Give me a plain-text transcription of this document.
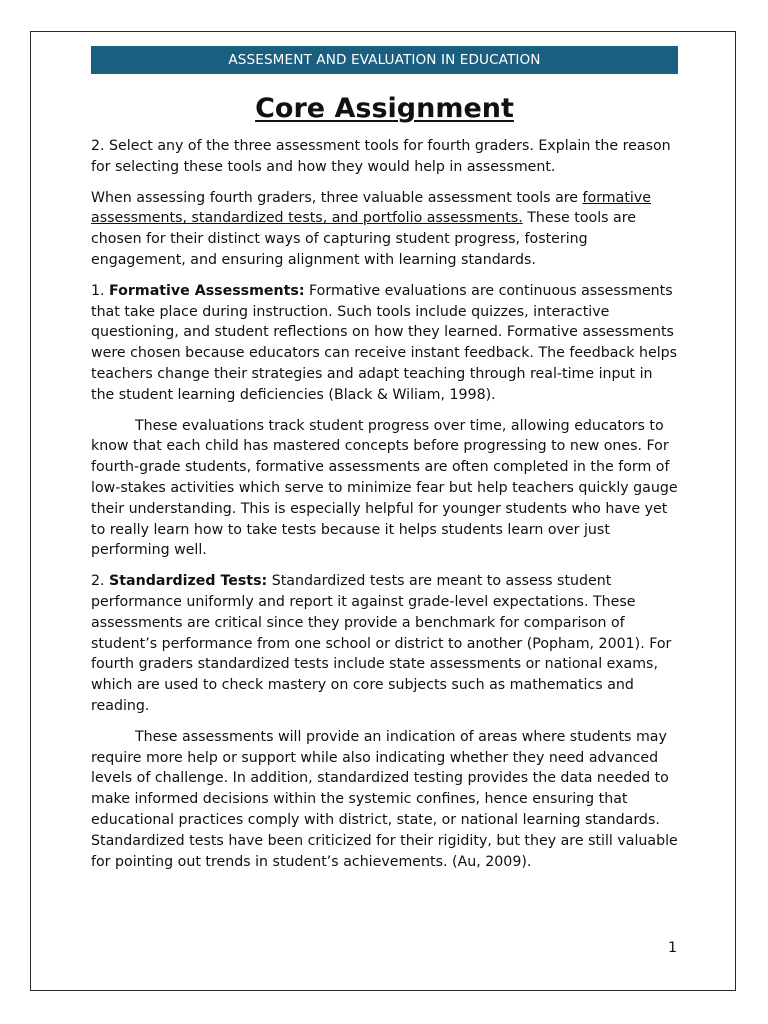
ASSESMENT AND EVALUATION IN EDUCATION
Core Assignment

2. Select any of the three assessment tools for fourth graders. Explain the reason for selecting these tools and how they would help in assessment.

When assessing fourth graders, three valuable assessment tools are formative assessments, standardized tests, and portfolio assessments. These tools are chosen for their distinct ways of capturing student progress, fostering engagement, and ensuring alignment with learning standards.

1. Formative Assessments: Formative evaluations are continuous assessments that take place during instruction. Such tools include quizzes, interactive questioning, and student reflections on how they learned. Formative assessments were chosen because educators can receive instant feedback. The feedback helps teachers change their strategies and adapt teaching through real-time input in the student learning deficiencies (Black & Wiliam, 1998).

These evaluations track student progress over time, allowing educators to know that each child has mastered concepts before progressing to new ones. For fourth-grade students, formative assessments are often completed in the form of low-stakes activities which serve to minimize fear but help teachers quickly gauge their understanding. This is especially helpful for younger students who have yet to really learn how to take tests because it helps students learn over just performing well.

2. Standardized Tests: Standardized tests are meant to assess student performance uniformly and report it against grade-level expectations. These assessments are critical since they provide a benchmark for comparison of student’s performance from one school or district to another (Popham, 2001). For fourth graders standardized tests include state assessments or national exams, which are used to check mastery on core subjects such as mathematics and reading.

These assessments will provide an indication of areas where students may require more help or support while also indicating whether they need advanced levels of challenge. In addition, standardized testing provides the data needed to make informed decisions within the systemic confines, hence ensuring that educational practices comply with district, state, or national learning standards. Standardized tests have been criticized for their rigidity, but they are still valuable for pointing out trends in student’s achievements. (Au, 2009).

1
